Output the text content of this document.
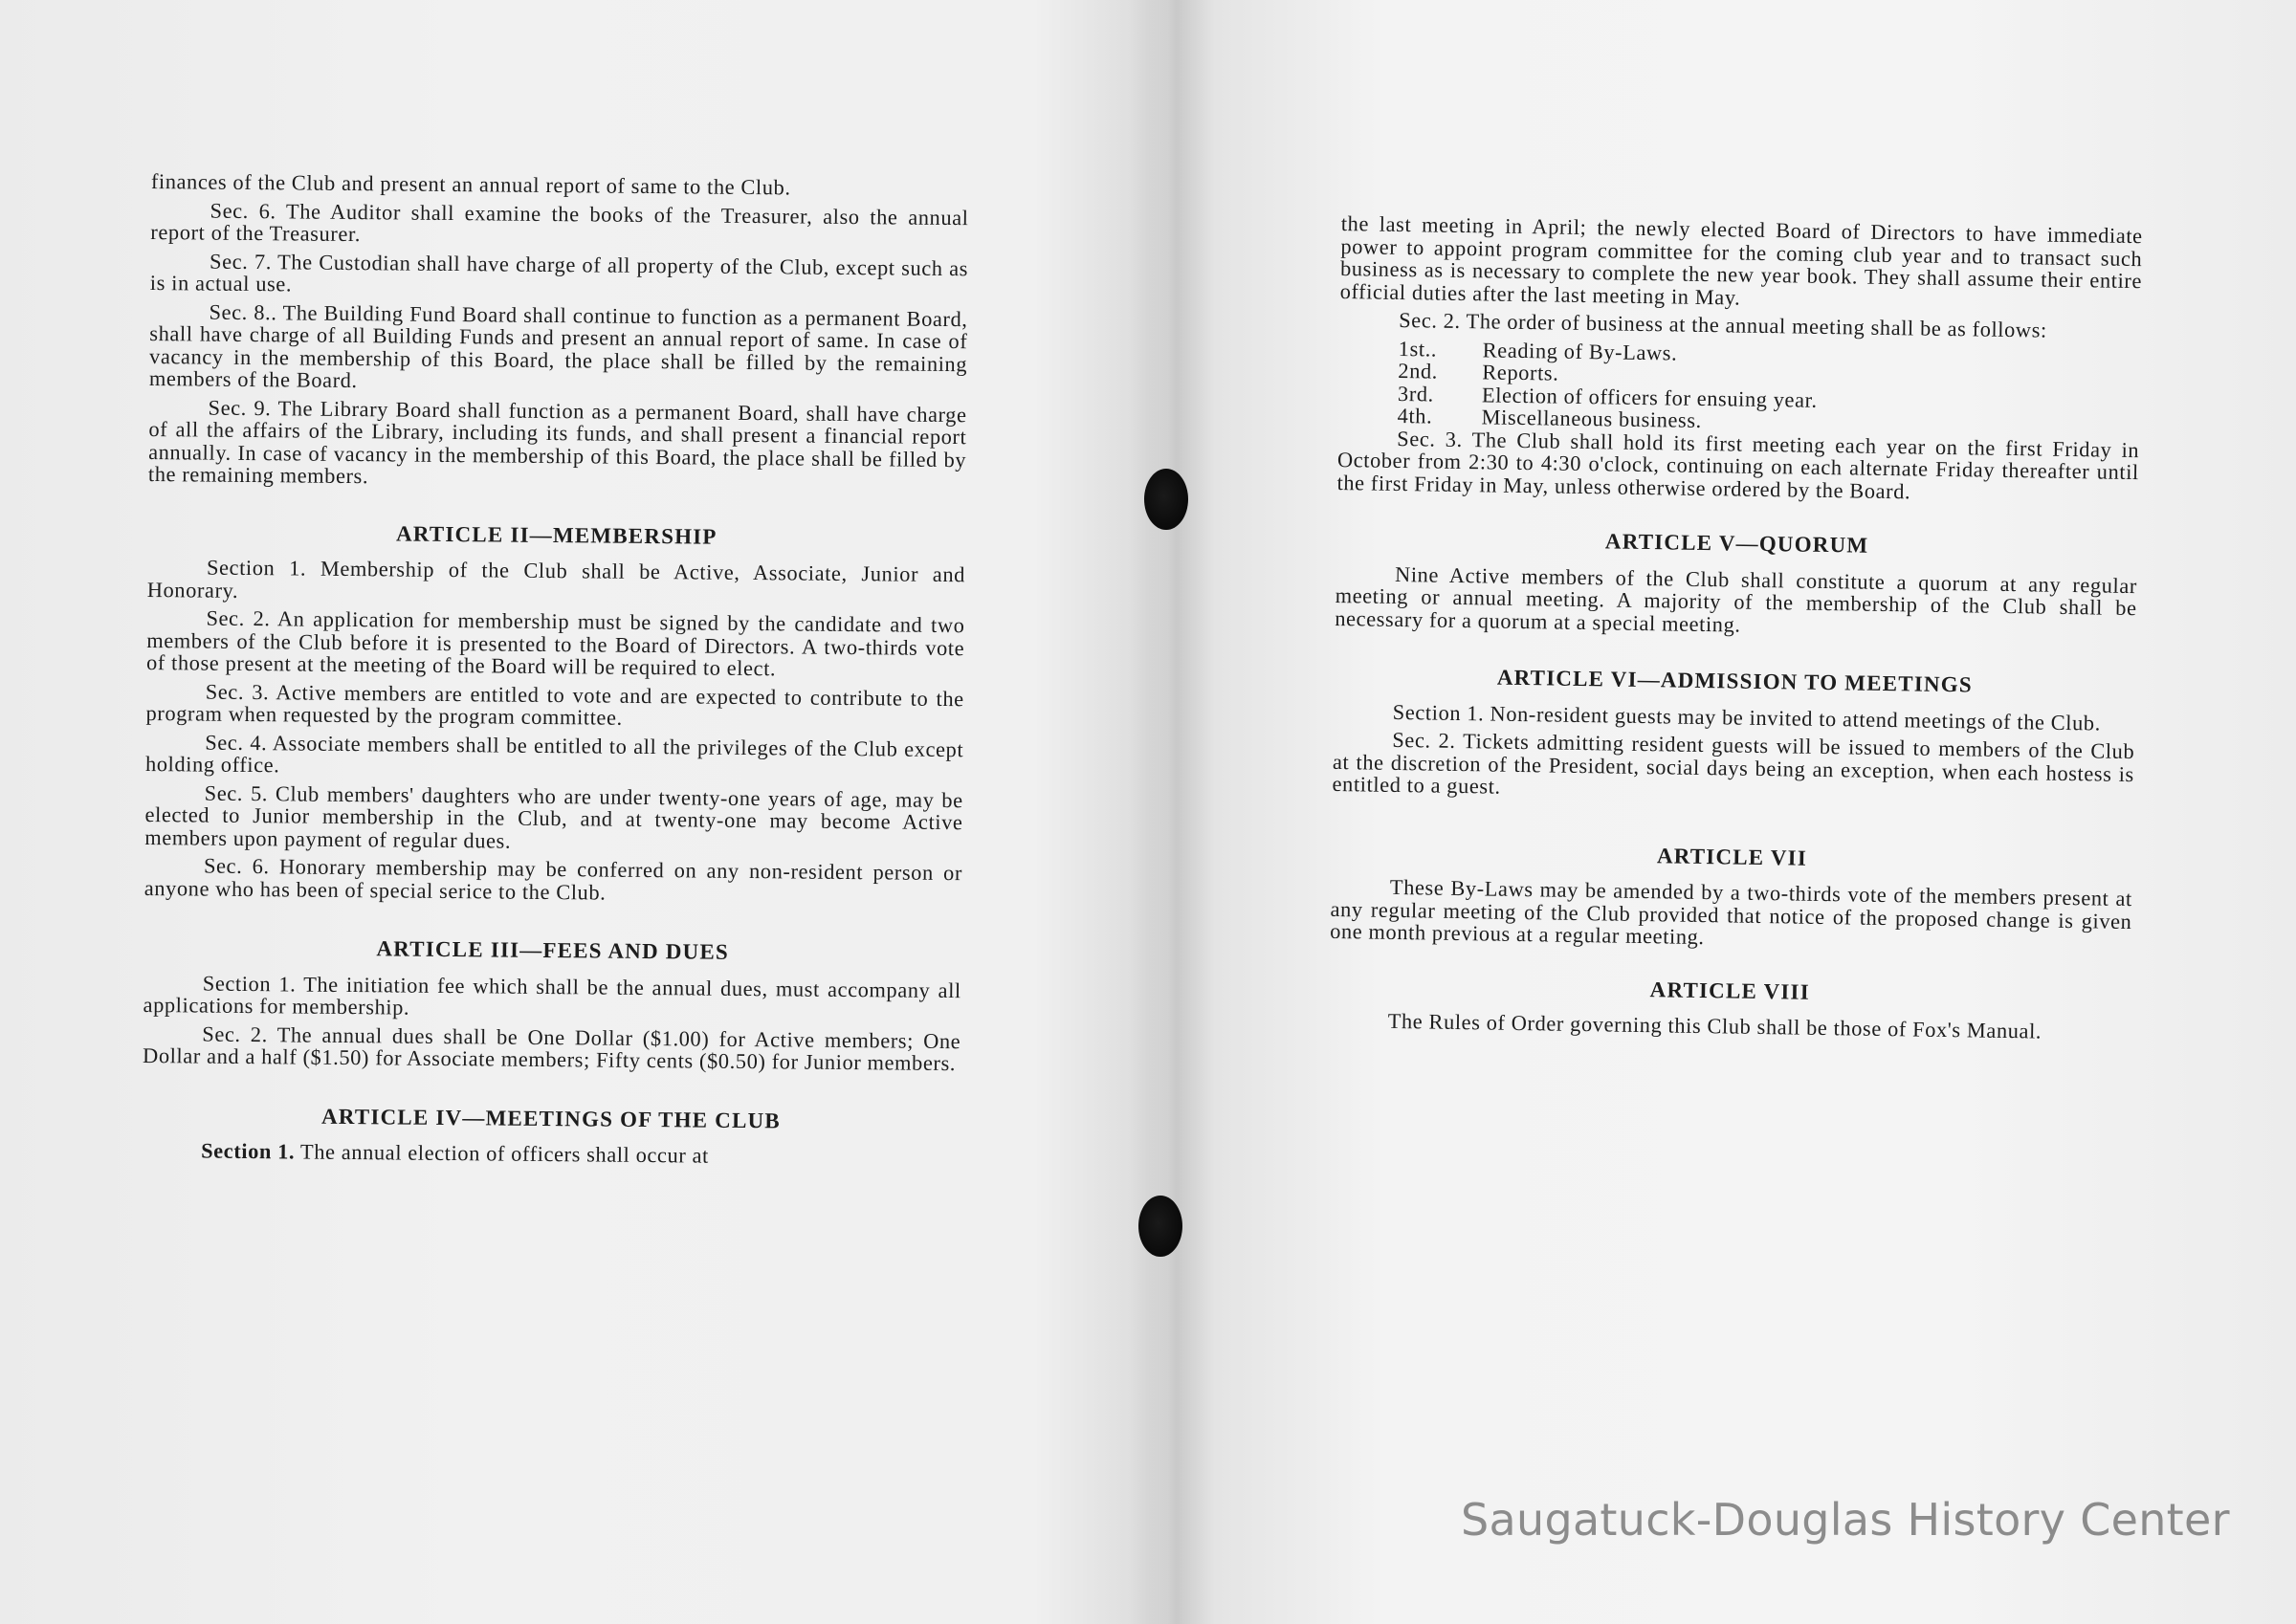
finances of the Club and present an annual report of same to the Club.

Sec. 6. The Auditor shall examine the books of the Treasurer, also the annual report of the Treasurer.

Sec. 7. The Custodian shall have charge of all property of the Club, except such as is in actual use.

Sec. 8.. The Building Fund Board shall continue to function as a permanent Board, shall have charge of all Building Funds and present an annual report of same. In case of vacancy in the membership of this Board, the place shall be filled by the remaining members of the Board.

Sec. 9. The Library Board shall function as a permanent Board, shall have charge of all the affairs of the Library, including its funds, and shall present a financial report annually. In case of vacancy in the membership of this Board, the place shall be filled by the remaining members.

ARTICLE II—MEMBERSHIP

Section 1. Membership of the Club shall be Active, Associate, Junior and Honorary.

Sec. 2. An application for membership must be signed by the candidate and two members of the Club before it is presented to the Board of Directors. A two-thirds vote of those present at the meeting of the Board will be required to elect.

Sec. 3. Active members are entitled to vote and are expected to contribute to the program when requested by the program committee.

Sec. 4. Associate members shall be entitled to all the privileges of the Club except holding office.

Sec. 5. Club members' daughters who are under twenty-one years of age, may be elected to Junior membership in the Club, and at twenty-one may become Active members upon payment of regular dues.

Sec. 6. Honorary membership may be conferred on any non-resident person or anyone who has been of special serice to the Club.

ARTICLE III—FEES AND DUES

Section 1. The initiation fee which shall be the annual dues, must accompany all applications for membership.

Sec. 2. The annual dues shall be One Dollar ($1.00) for Active members; One Dollar and a half ($1.50) for Associate members; Fifty cents ($0.50) for Junior members.

ARTICLE IV—MEETINGS OF THE CLUB

Section 1. The annual election of officers shall occur at

the last meeting in April; the newly elected Board of Directors to have immediate power to appoint program committee for the coming club year and to transact such business as is necessary to complete the new year book. They shall assume their entire official duties after the last meeting in May.

Sec. 2. The order of business at the annual meeting shall be as follows:

1st..	Reading of By-Laws.
2nd.	Reports.
3rd.	Election of officers for ensuing year.
4th.	Miscellaneous business.

Sec. 3. The Club shall hold its first meeting each year on the first Friday in October from 2:30 to 4:30 o'clock, continuing on each alternate Friday thereafter until the first Friday in May, unless otherwise ordered by the Board.

ARTICLE V—QUORUM

Nine Active members of the Club shall constitute a quorum at any regular meeting or annual meeting. A majority of the membership of the Club shall be necessary for a quorum at a special meeting.

ARTICLE VI—ADMISSION TO MEETINGS

Section 1. Non-resident guests may be invited to attend meetings of the Club.

Sec. 2. Tickets admitting resident guests will be issued to members of the Club at the discretion of the President, social days being an exception, when each hostess is entitled to a guest.

ARTICLE VII

These By-Laws may be amended by a two-thirds vote of the members present at any regular meeting of the Club provided that notice of the proposed change is given one month previous at a regular meeting.

ARTICLE VIII

The Rules of Order governing this Club shall be those of Fox's Manual.

Saugatuck-Douglas History Center
